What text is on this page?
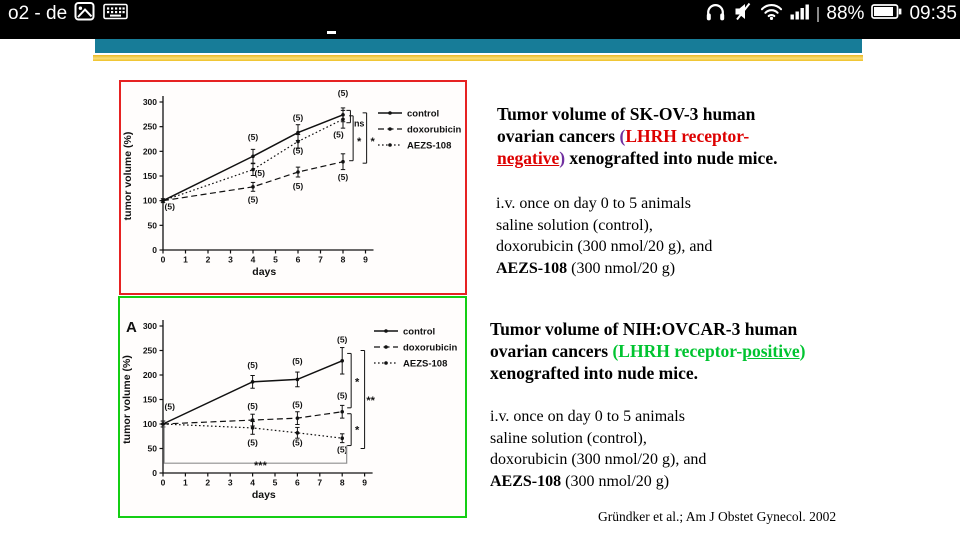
o2 - de	88% 09:35
0
50
100
150
200
250
300
0 1 2 3 4 5 6 7 8 9
days
tumor volume (%)	(5)
(5)
(5)
(5)
(5)
(5)
(5)
(5)
(5)
(5)
* *
ns
control
doxorubicin
AEZS-108
0
50
100
150
200
250
300
0 1 2 3 4 5 6 7 8 9
days
tumor volume (%)
A
(5)
(5)	(5)
(5)
(5)	(5)
(5)
(5)	(5)
(5)
*
*
**
***
control
doxorubicin
AEZS-108
Tumor volume of SK-OV-3 human
ovarian cancers (LHRH receptor-
negative) xenografted into nude mice.
i.v. once on day 0 to 5 animals
saline solution (control),
doxorubicin (300 nmol/20 g), and
AEZS-108 (300 nmol/20 g)
Tumor volume of NIH:OVCAR-3 human
ovarian cancers (LHRH receptor-positive)
xenografted into nude mice.
i.v. once on day 0 to 5 animals
saline solution (control),
doxorubicin (300 nmol/20 g), and
AEZS-108 (300 nmol/20 g)
Gründker et al.; Am J Obstet Gynecol. 2002
